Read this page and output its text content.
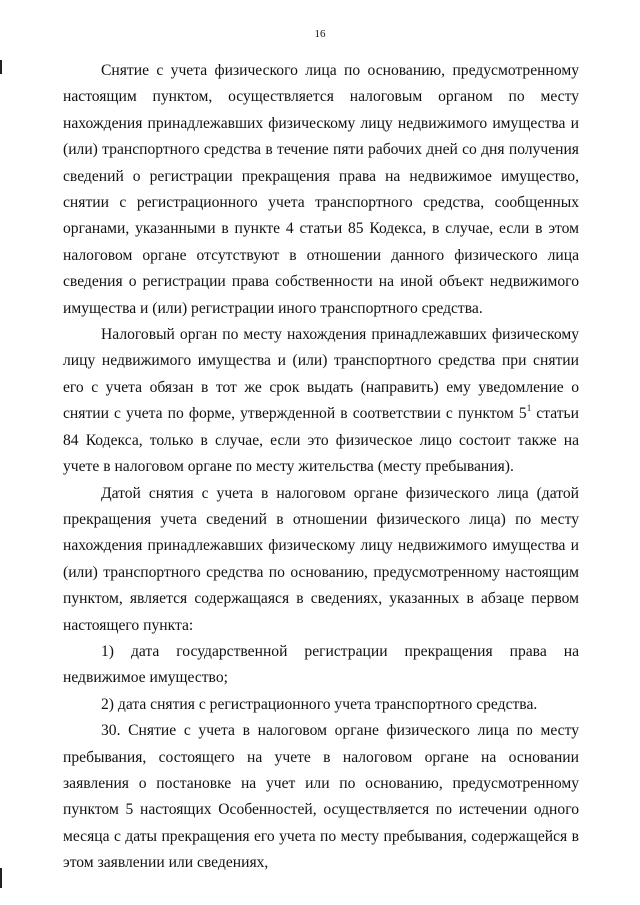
16

Снятие с учета физического лица по основанию, предусмотренному настоящим пунктом, осуществляется налоговым органом по месту нахождения принадлежавших физическому лицу недвижимого имущества и (или) транспортного средства в течение пяти рабочих дней со дня получения сведений о регистрации прекращения права на недвижимое имущество, снятии с регистрационного учета транспортного средства, сообщенных органами, указанными в пункте 4 статьи 85 Кодекса, в случае, если в этом налоговом органе отсутствуют в отношении данного физического лица сведения о регистрации права собственности на иной объект недвижимого имущества и (или) регистрации иного транспортного средства.

Налоговый орган по месту нахождения принадлежавших физическому лицу недвижимого имущества и (или) транспортного средства при снятии его с учета обязан в тот же срок выдать (направить) ему уведомление о снятии с учета по форме, утвержденной в соответствии с пунктом $5^1$ статьи 84 Кодекса, только в случае, если это физическое лицо состоит также на учете в налоговом органе по месту жительства (месту пребывания).

Датой снятия с учета в налоговом органе физического лица (датой прекращения учета сведений в отношении физического лица) по месту нахождения принадлежавших физическому лицу недвижимого имущества и (или) транспортного средства по основанию, предусмотренному настоящим пунктом, является содержащаяся в сведениях, указанных в абзаце первом настоящего пункта:

1) дата государственной регистрации прекращения права на недвижимое имущество;

2) дата снятия с регистрационного учета транспортного средства.

30. Снятие с учета в налоговом органе физического лица по месту пребывания, состоящего на учете в налоговом органе на основании заявления о постановке на учет или по основанию, предусмотренному пунктом 5 настоящих Особенностей, осуществляется по истечении одного месяца с даты прекращения его учета по месту пребывания, содержащейся в этом заявлении или сведениях,
